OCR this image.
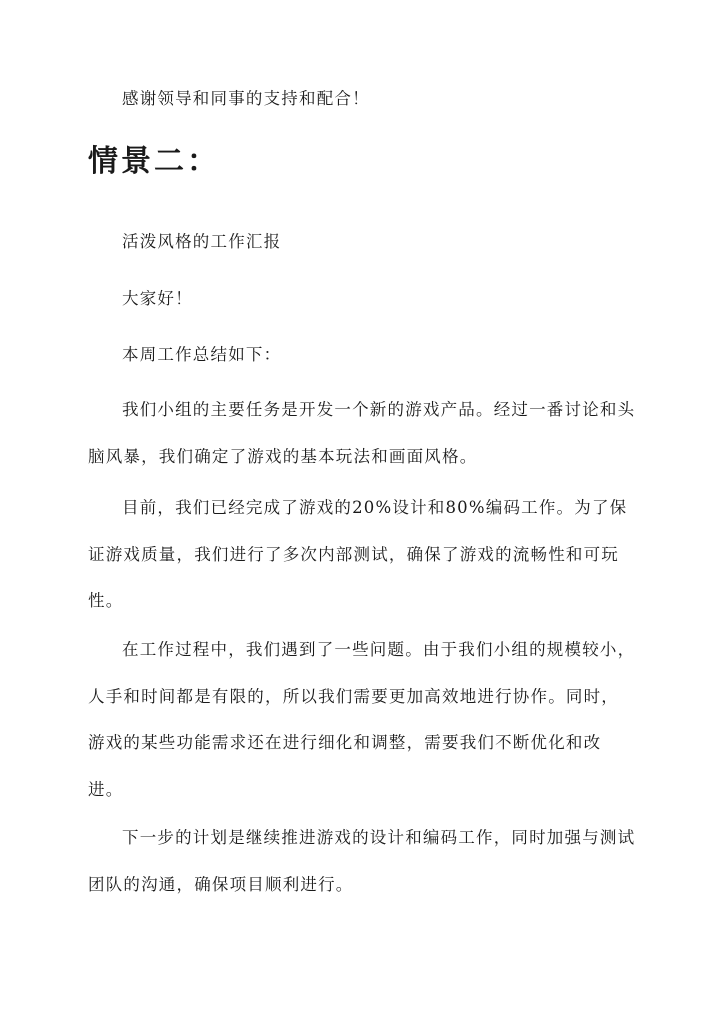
感谢领导和同事的支持和配合！

情景二：

活泼风格的工作汇报

大家好！

本周工作总结如下：

我们小组的主要任务是开发一个新的游戏产品。经过一番讨论和头脑风暴，我们确定了游戏的基本玩法和画面风格。

目前，我们已经完成了游戏的20%设计和80%编码工作。为了保证游戏质量，我们进行了多次内部测试，确保了游戏的流畅性和可玩性。

在工作过程中，我们遇到了一些问题。由于我们小组的规模较小，人手和时间都是有限的，所以我们需要更加高效地进行协作。同时，游戏的某些功能需求还在进行细化和调整，需要我们不断优化和改进。

下一步的计划是继续推进游戏的设计和编码工作，同时加强与测试团队的沟通，确保项目顺利进行。
